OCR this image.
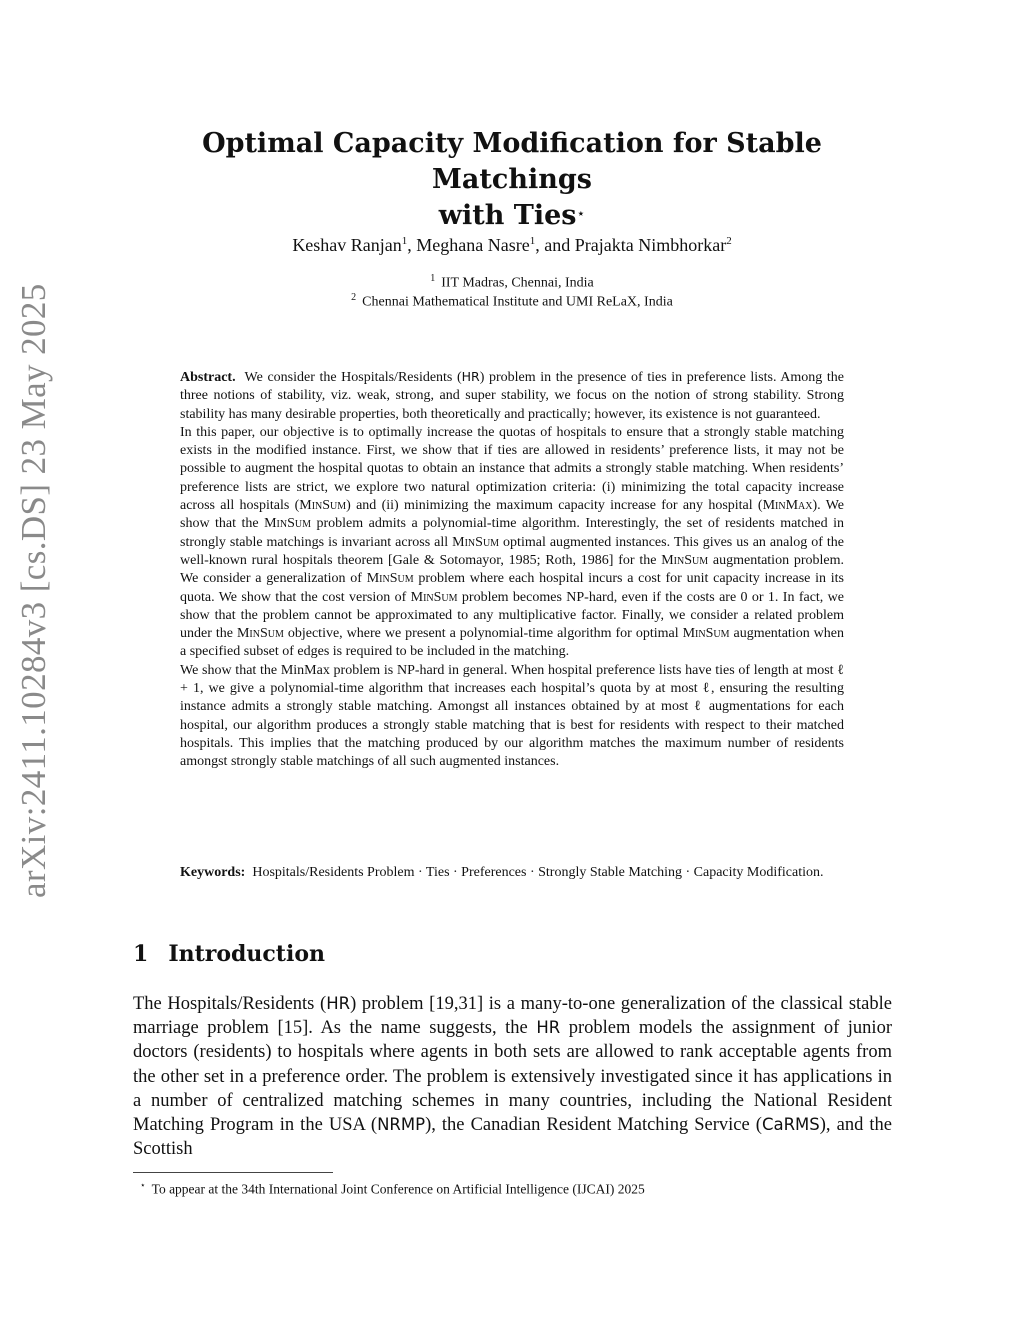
arXiv:2411.10284v3 [cs.DS] 23 May 2025
Optimal Capacity Modification for Stable Matchings
with Ties⋆
Keshav Ranjan$^1$, Meghana Nasre$^1$, and Prajakta Nimbhorkar$^2$
$^1$ IIT Madras, Chennai, India
$^2$ Chennai Mathematical Institute and UMI ReLaX, India

Abstract. We consider the Hospitals/Residents (HR) problem in the presence of ties in preference lists. Among the three notions of stability, viz. weak, strong, and super stability, we focus on the notion of strong stability. Strong stability has many desirable properties, both theoretically and practically; however, its existence is not guaranteed.

In this paper, our objective is to optimally increase the quotas of hospitals to ensure that a strongly stable matching exists in the modified instance. First, we show that if ties are allowed in residents’ preference lists, it may not be possible to augment the hospital quotas to obtain an instance that admits a strongly stable matching. When residents’ preference lists are strict, we explore two natural optimization criteria: (i) minimizing the total capacity increase across all hospitals (MinSum) and (ii) minimizing the maximum capacity increase for any hospital (MinMax). We show that the MinSum problem admits a polynomial-time algorithm. Interestingly, the set of residents matched in strongly stable matchings is invariant across all MinSum optimal augmented instances. This gives us an analog of the well-known rural hospitals theorem [Gale & Sotomayor, 1985; Roth, 1986] for the MinSum augmentation problem. We consider a generalization of MinSum problem where each hospital incurs a cost for unit capacity increase in its quota. We show that the cost version of MinSum problem becomes NP-hard, even if the costs are 0 or 1. In fact, we show that the problem cannot be approximated to any multiplicative factor. Finally, we consider a related problem under the MinSum objective, where we present a polynomial-time algorithm for optimal MinSum augmentation when a specified subset of edges is required to be included in the matching.

We show that the MinMax problem is NP-hard in general. When hospital preference lists have ties of length at most ℓ + 1, we give a polynomial-time algorithm that increases each hospital’s quota by at most ℓ, ensuring the resulting instance admits a strongly stable matching. Amongst all instances obtained by at most ℓ augmentations for each hospital, our algorithm produces a strongly stable matching that is best for residents with respect to their matched hospitals. This implies that the matching produced by our algorithm matches the maximum number of residents amongst strongly stable matchings of all such augmented instances.

Keywords: Hospitals/Residents Problem · Ties · Preferences · Strongly Stable Matching · Capacity Modification.
1 Introduction

The Hospitals/Residents (HR) problem [19,31] is a many-to-one generalization of the classical stable marriage problem [15]. As the name suggests, the HR problem models the assignment of junior doctors (residents) to hospitals where agents in both sets are allowed to rank acceptable agents from the other set in a preference order. The problem is extensively investigated since it has applications in a number of centralized matching schemes in many countries, including the National Resident Matching Program in the USA (NRMP), the Canadian Resident Matching Service (CaRMS), and the Scottish

⋆ To appear at the 34th International Joint Conference on Artificial Intelligence (IJCAI) 2025
